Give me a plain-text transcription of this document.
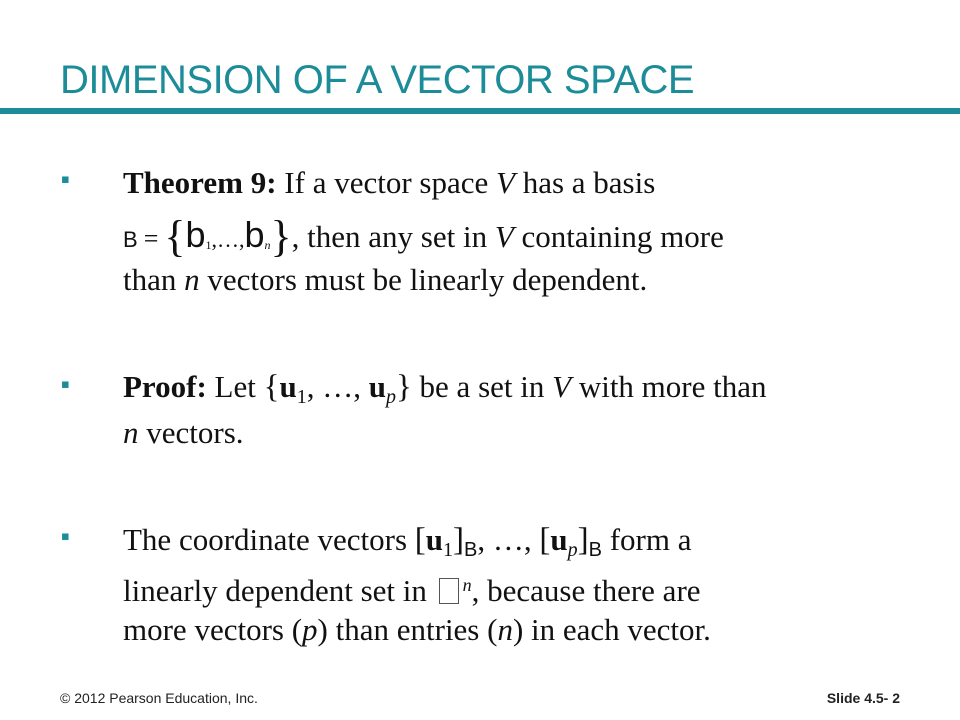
DIMENSION OF A VECTOR SPACE
▪ Theorem 9: If a vector space V has a basis
B = {b1,…,bn}, then any set in V containing more
than n vectors must be linearly dependent.
▪ Proof: Let {$u_1$, …, $u_p$} be a set in V with more than
n vectors.
▪ The coordinate vectors $[u_1]_B$, …, $[u_p]_B$ form a
linearly dependent set in $^n$, because there are
more vectors (p) than entries (n) in each vector.
© 2012 Pearson Education, Inc.	Slide 4.5- 2
